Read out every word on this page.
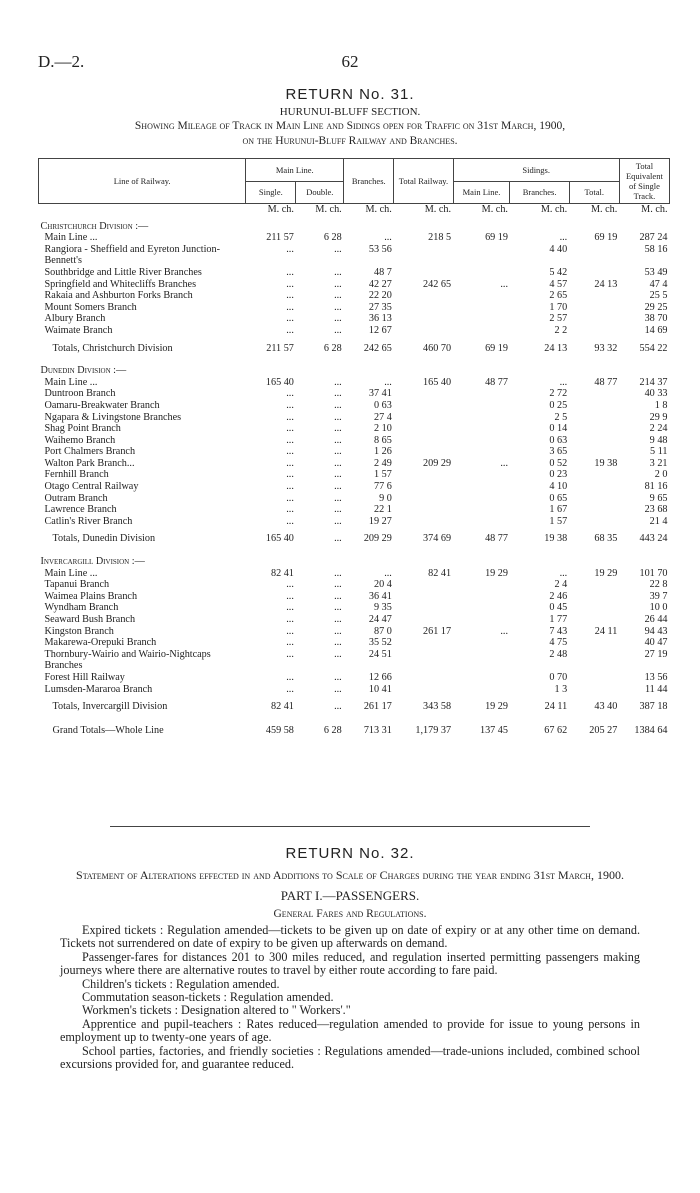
D.—2.	62
RETURN No. 31.
HURUNUI-BLUFF SECTION.
Showing Mileage of Track in Main Line and Sidings open for Traffic on 31st March, 1900,
on the Hurunui-Bluff Railway and Branches.
Line of Railway.	Main Line.		Branches.	Total Railway.	Sidings.			Total Equivalent of Single Track.
	Single.	Double.			Main Line.	Branches.	Total.	
	M. ch.	M. ch.	M. ch.	M. ch.	M. ch.	M. ch.	M. ch.	M. ch.
Christchurch Division :—								
Main Line ...	211 57	6 28	...	218 5	69 19	...	69 19	287 24
Rangiora - Sheffield and Eyreton Junction-Bennett's	...	...	53 56			4 40		58 16
Southbridge and Little River Branches	...	...	48 7			5 42		53 49
Springfield and Whitecliffs Branches	...	...	42 27	242 65	...	4 57	24 13	47 4
Rakaia and Ashburton Forks Branch	...	...	22 20			2 65		25 5
Mount Somers Branch	...	...	27 35			1 70		29 25
Albury Branch	...	...	36 13			2 57		38 70
Waimate Branch	...	...	12 67			2 2		14 69
Totals, Christchurch Division	211 57	6 28	242 65	460 70	69 19	24 13	93 32	554 22
Dunedin Division :—								
Main Line ...	165 40	...	...	165 40	48 77	...	48 77	214 37
Duntroon Branch	...	...	37 41			2 72		40 33
Oamaru-Breakwater Branch	...	...	0 63			0 25		1 8
Ngapara & Livingstone Branches	...	...	27 4			2 5		29 9
Shag Point Branch	...	...	2 10			0 14		2 24
Waihemo Branch	...	...	8 65			0 63		9 48
Port Chalmers Branch	...	...	1 26			3 65		5 11
Walton Park Branch...	...	...	2 49	209 29	...	0 52	19 38	3 21
Fernhill Branch	...	...	1 57			0 23		2 0
Otago Central Railway	...	...	77 6			4 10		81 16
Outram Branch	...	...	9 0			0 65		9 65
Lawrence Branch	...	...	22 1			1 67		23 68
Catlin's River Branch	...	...	19 27			1 57		21 4
Totals, Dunedin Division	165 40	...	209 29	374 69	48 77	19 38	68 35	443 24
Invercargill Division :—								
Main Line ...	82 41	...	...	82 41	19 29	...	19 29	101 70
Tapanui Branch	...	...	20 4			2 4		22 8
Waimea Plains Branch	...	...	36 41			2 46		39 7
Wyndham Branch	...	...	9 35			0 45		10 0
Seaward Bush Branch	...	...	24 47			1 77		26 44
Kingston Branch	...	...	87 0	261 17	...	7 43	24 11	94 43
Makarewa-Orepuki Branch	...	...	35 52			4 75		40 47
Thornbury-Wairio and Wairio-Nightcaps Branches	...	...	24 51			2 48		27 19
Forest Hill Railway	...	...	12 66			0 70		13 56
Lumsden-Mararoa Branch	...	...	10 41			1 3		11 44
Totals, Invercargill Division	82 41	...	261 17	343 58	19 29	24 11	43 40	387 18
Grand Totals—Whole Line	459 58	6 28	713 31	1,179 37	137 45	67 62	205 27	1384 64
RETURN No. 32.
Statement of Alterations effected in and Additions to Scale of Charges during the year ending 31st March, 1900.
PART I.—PASSENGERS.
General Fares and Regulations.

Expired tickets : Regulation amended—tickets to be given up on date of expiry or at any other time on demand. Tickets not surrendered on date of expiry to be given up afterwards on demand.

Passenger-fares for distances 201 to 300 miles reduced, and regulation inserted permitting passengers making journeys where there are alternative routes to travel by either route according to fare paid.

Children's tickets : Regulation amended.

Commutation season-tickets : Regulation amended.

Workmen's tickets : Designation altered to " Workers'."

Apprentice and pupil-teachers : Rates reduced—regulation amended to provide for issue to young persons in employment up to twenty-one years of age.

School parties, factories, and friendly societies : Regulations amended—trade-unions included, combined school excursions provided for, and guarantee reduced.
